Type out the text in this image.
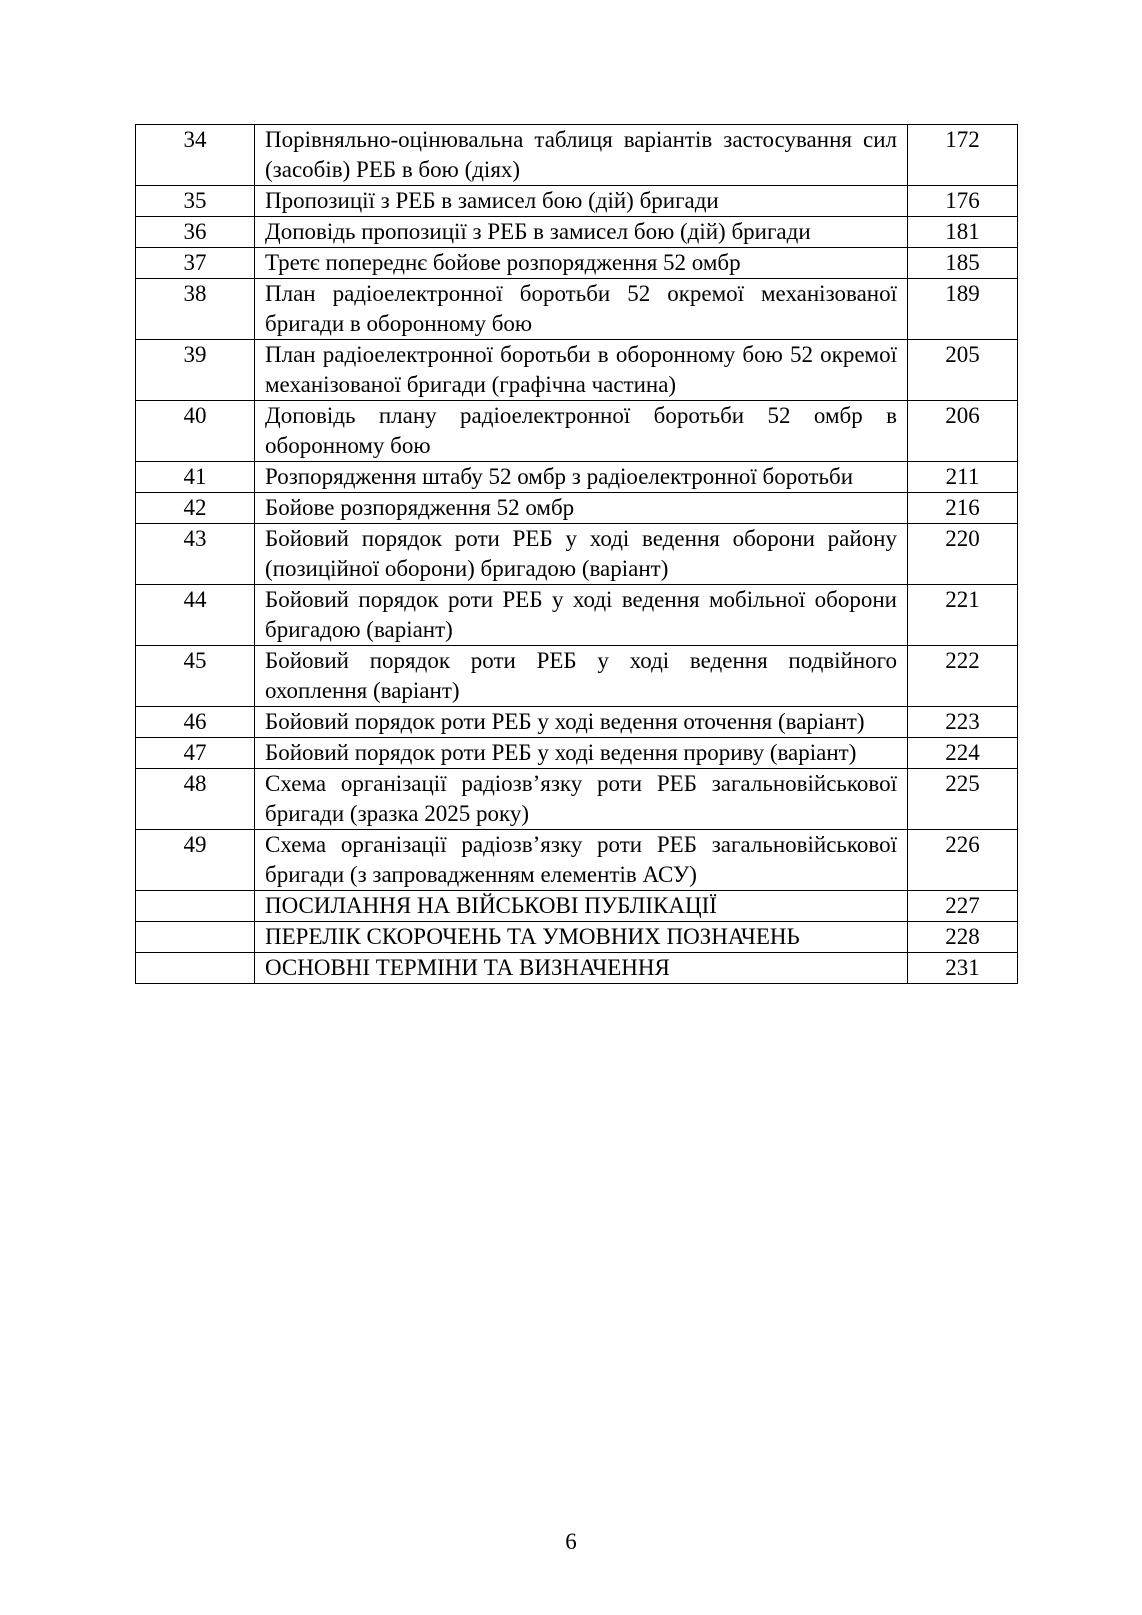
34	Порівняльно-оцінювальна таблиця варіантів застосування сил (засобів) РЕБ в бою (діях)	172
35	Пропозиції з РЕБ в замисел бою (дій) бригади	176
36	Доповідь пропозиції з РЕБ в замисел бою (дій) бригади	181
37	Третє попереднє бойове розпорядження 52 омбр	185
38	План радіоелектронної боротьби 52 окремої механізованої бригади в оборонному бою	189
39	План радіоелектронної боротьби в оборонному бою 52 окремої механізованої бригади (графічна частина)	205
40	Доповідь плану радіоелектронної боротьби 52 омбр в оборонному бою	206
41	Розпорядження штабу 52 омбр з радіоелектронної боротьби	211
42	Бойове розпорядження 52 омбр	216
43	Бойовий порядок роти РЕБ у ході ведення оборони району (позиційної оборони) бригадою (варіант)	220
44	Бойовий порядок роти РЕБ у ході ведення мобільної оборони бригадою (варіант)	221
45	Бойовий порядок роти РЕБ у ході ведення подвійного охоплення (варіант)	222
46	Бойовий порядок роти РЕБ у ході ведення оточення (варіант)	223
47	Бойовий порядок роти РЕБ у ході ведення прориву (варіант)	224
48	Схема організації радіозв’язку роти РЕБ загальновійськової бригади (зразка 2025 року)	225
49	Схема організації радіозв’язку роти РЕБ загальновійськової бригади (з запровадженням елементів АСУ)	226
	ПОСИЛАННЯ НА ВІЙСЬКОВІ ПУБЛІКАЦІЇ	227
	ПЕРЕЛІК СКОРОЧЕНЬ ТА УМОВНИХ ПОЗНАЧЕНЬ	228
	ОСНОВНІ ТЕРМІНИ ТА ВИЗНАЧЕННЯ	231
6
